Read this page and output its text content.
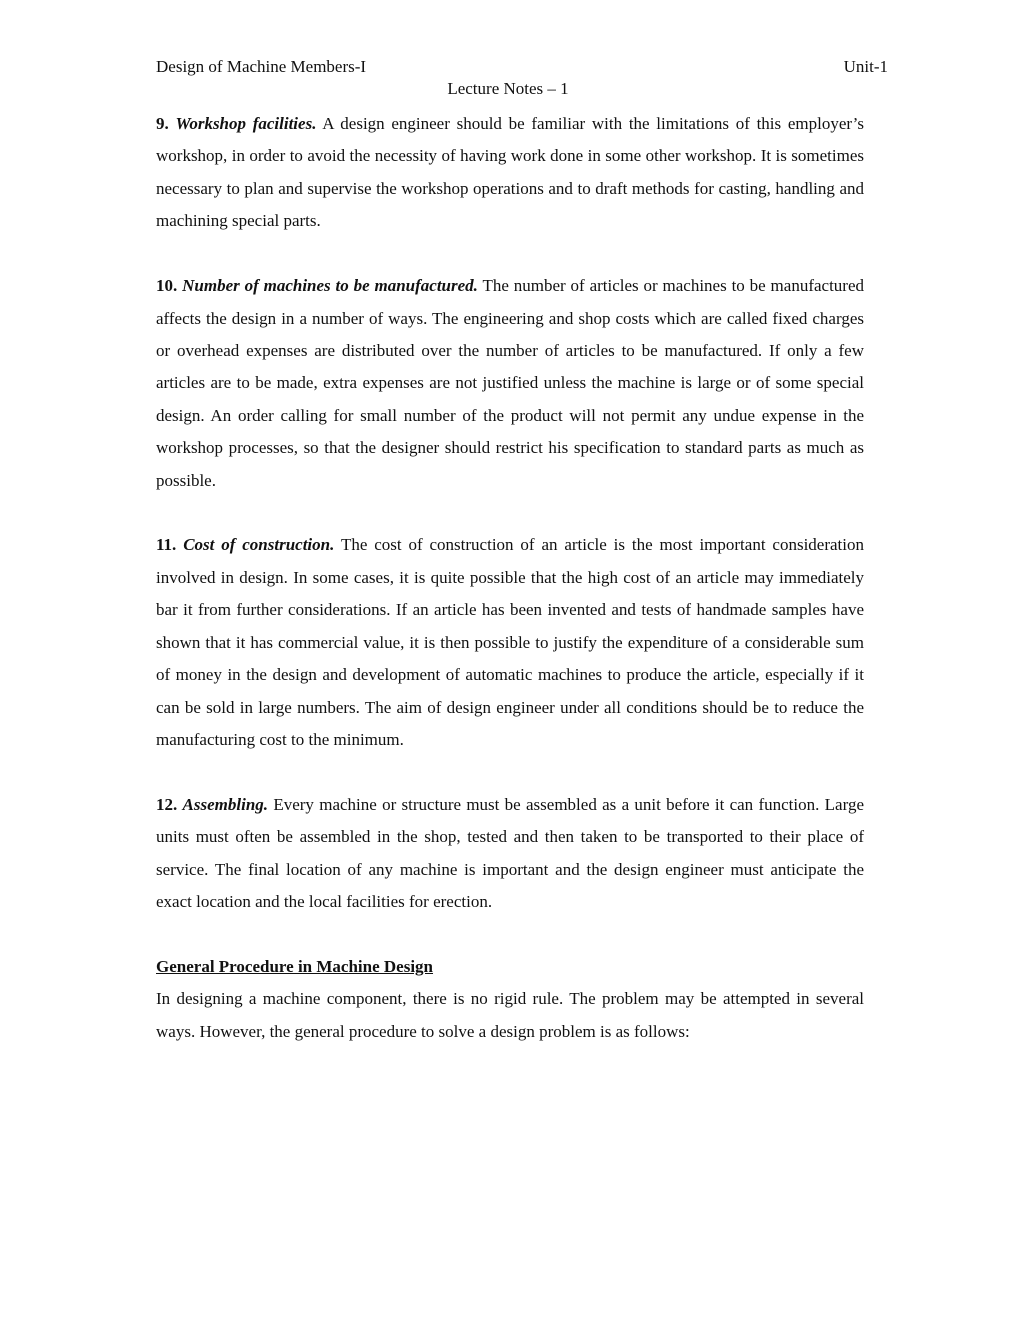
Design of Machine Members-I	Unit-1
Lecture Notes – 1

9. Workshop facilities. A design engineer should be familiar with the limitations of this employer’s workshop, in order to avoid the necessity of having work done in some other workshop. It is sometimes necessary to plan and supervise the workshop operations and to draft methods for casting, handling and machining special parts.

10. Number of machines to be manufactured. The number of articles or machines to be manufactured affects the design in a number of ways. The engineering and shop costs which are called fixed charges or overhead expenses are distributed over the number of articles to be manufactured. If only a few articles are to be made, extra expenses are not justified unless the machine is large or of some special design. An order calling for small number of the product will not permit any undue expense in the workshop processes, so that the designer should restrict his specification to standard parts as much as possible.

11. Cost of construction. The cost of construction of an article is the most important consideration involved in design. In some cases, it is quite possible that the high cost of an article may immediately bar it from further considerations. If an article has been invented and tests of handmade samples have shown that it has commercial value, it is then possible to justify the expenditure of a considerable sum of money in the design and development of automatic machines to produce the article, especially if it can be sold in large numbers. The aim of design engineer under all conditions should be to reduce the manufacturing cost to the minimum.

12. Assembling. Every machine or structure must be assembled as a unit before it can function. Large units must often be assembled in the shop, tested and then taken to be transported to their place of service. The final location of any machine is important and the design engineer must anticipate the exact location and the local facilities for erection.

General Procedure in Machine Design

In designing a machine component, there is no rigid rule. The problem may be attempted in several ways. However, the general procedure to solve a design problem is as follows:
